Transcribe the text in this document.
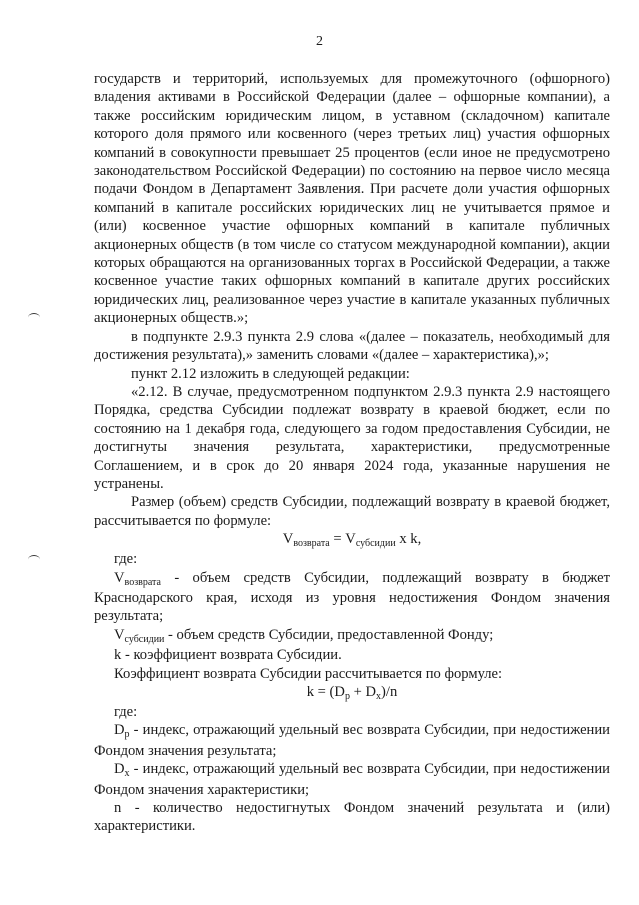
2

государств и территорий, используемых для промежуточного (офшорного) владения активами в Российской Федерации (далее – офшорные компании), а также российским юридическим лицом, в уставном (складочном) капитале которого доля прямого или косвенного (через третьих лиц) участия офшорных компаний в совокупности превышает 25 процентов (если иное не предусмотрено законодательством Российской Федерации) по состоянию на первое число месяца подачи Фондом в Департамент Заявления. При расчете доли участия офшорных компаний в капитале российских юридических лиц не учитывается прямое и (или) косвенное участие офшорных компаний в капитале публичных акционерных обществ (в том числе со статусом международной компании), акции которых обращаются на организованных торгах в Российской Федерации, а также косвенное участие таких офшорных компаний в капитале других российских юридических лиц, реализованное через участие в капитале указанных публичных акционерных обществ.»;

в подпункте 2.9.3 пункта 2.9 слова «(далее – показатель, необходимый для достижения результата),» заменить словами «(далее – характеристика),»;

пункт 2.12 изложить в следующей редакции:

«2.12. В случае, предусмотренном подпунктом 2.9.3 пункта 2.9 настоящего Порядка, средства Субсидии подлежат возврату в краевой бюджет, если по состоянию на 1 декабря года, следующего за годом предоставления Субсидии, не достигнуты значения результата, характеристики, предусмотренные Соглашением, и в срок до 20 января 2024 года, указанные нарушения не устранены.

Размер (объем) средств Субсидии, подлежащий возврату в краевой бюджет, рассчитывается по формуле:

$V_{возврата} = V_{субсидии}$ x k,

где:

$V_{возврата}$ - объем средств Субсидии, подлежащий возврату в бюджет Краснодарского края, исходя из уровня недостижения Фондом значения результата;

$V_{субсидии}$ - объем средств Субсидии, предоставленной Фонду;

k - коэффициент возврата Субсидии.

Коэффициент возврата Субсидии рассчитывается по формуле:

$k = (D_p + D_x)/n$

где:

$D_p$ - индекс, отражающий удельный вес возврата Субсидии, при недостижении Фондом значения результата;

$D_x$ - индекс, отражающий удельный вес возврата Субсидии, при недостижении Фондом значения характеристики;

n - количество недостигнутых Фондом значений результата и (или) характеристики.
